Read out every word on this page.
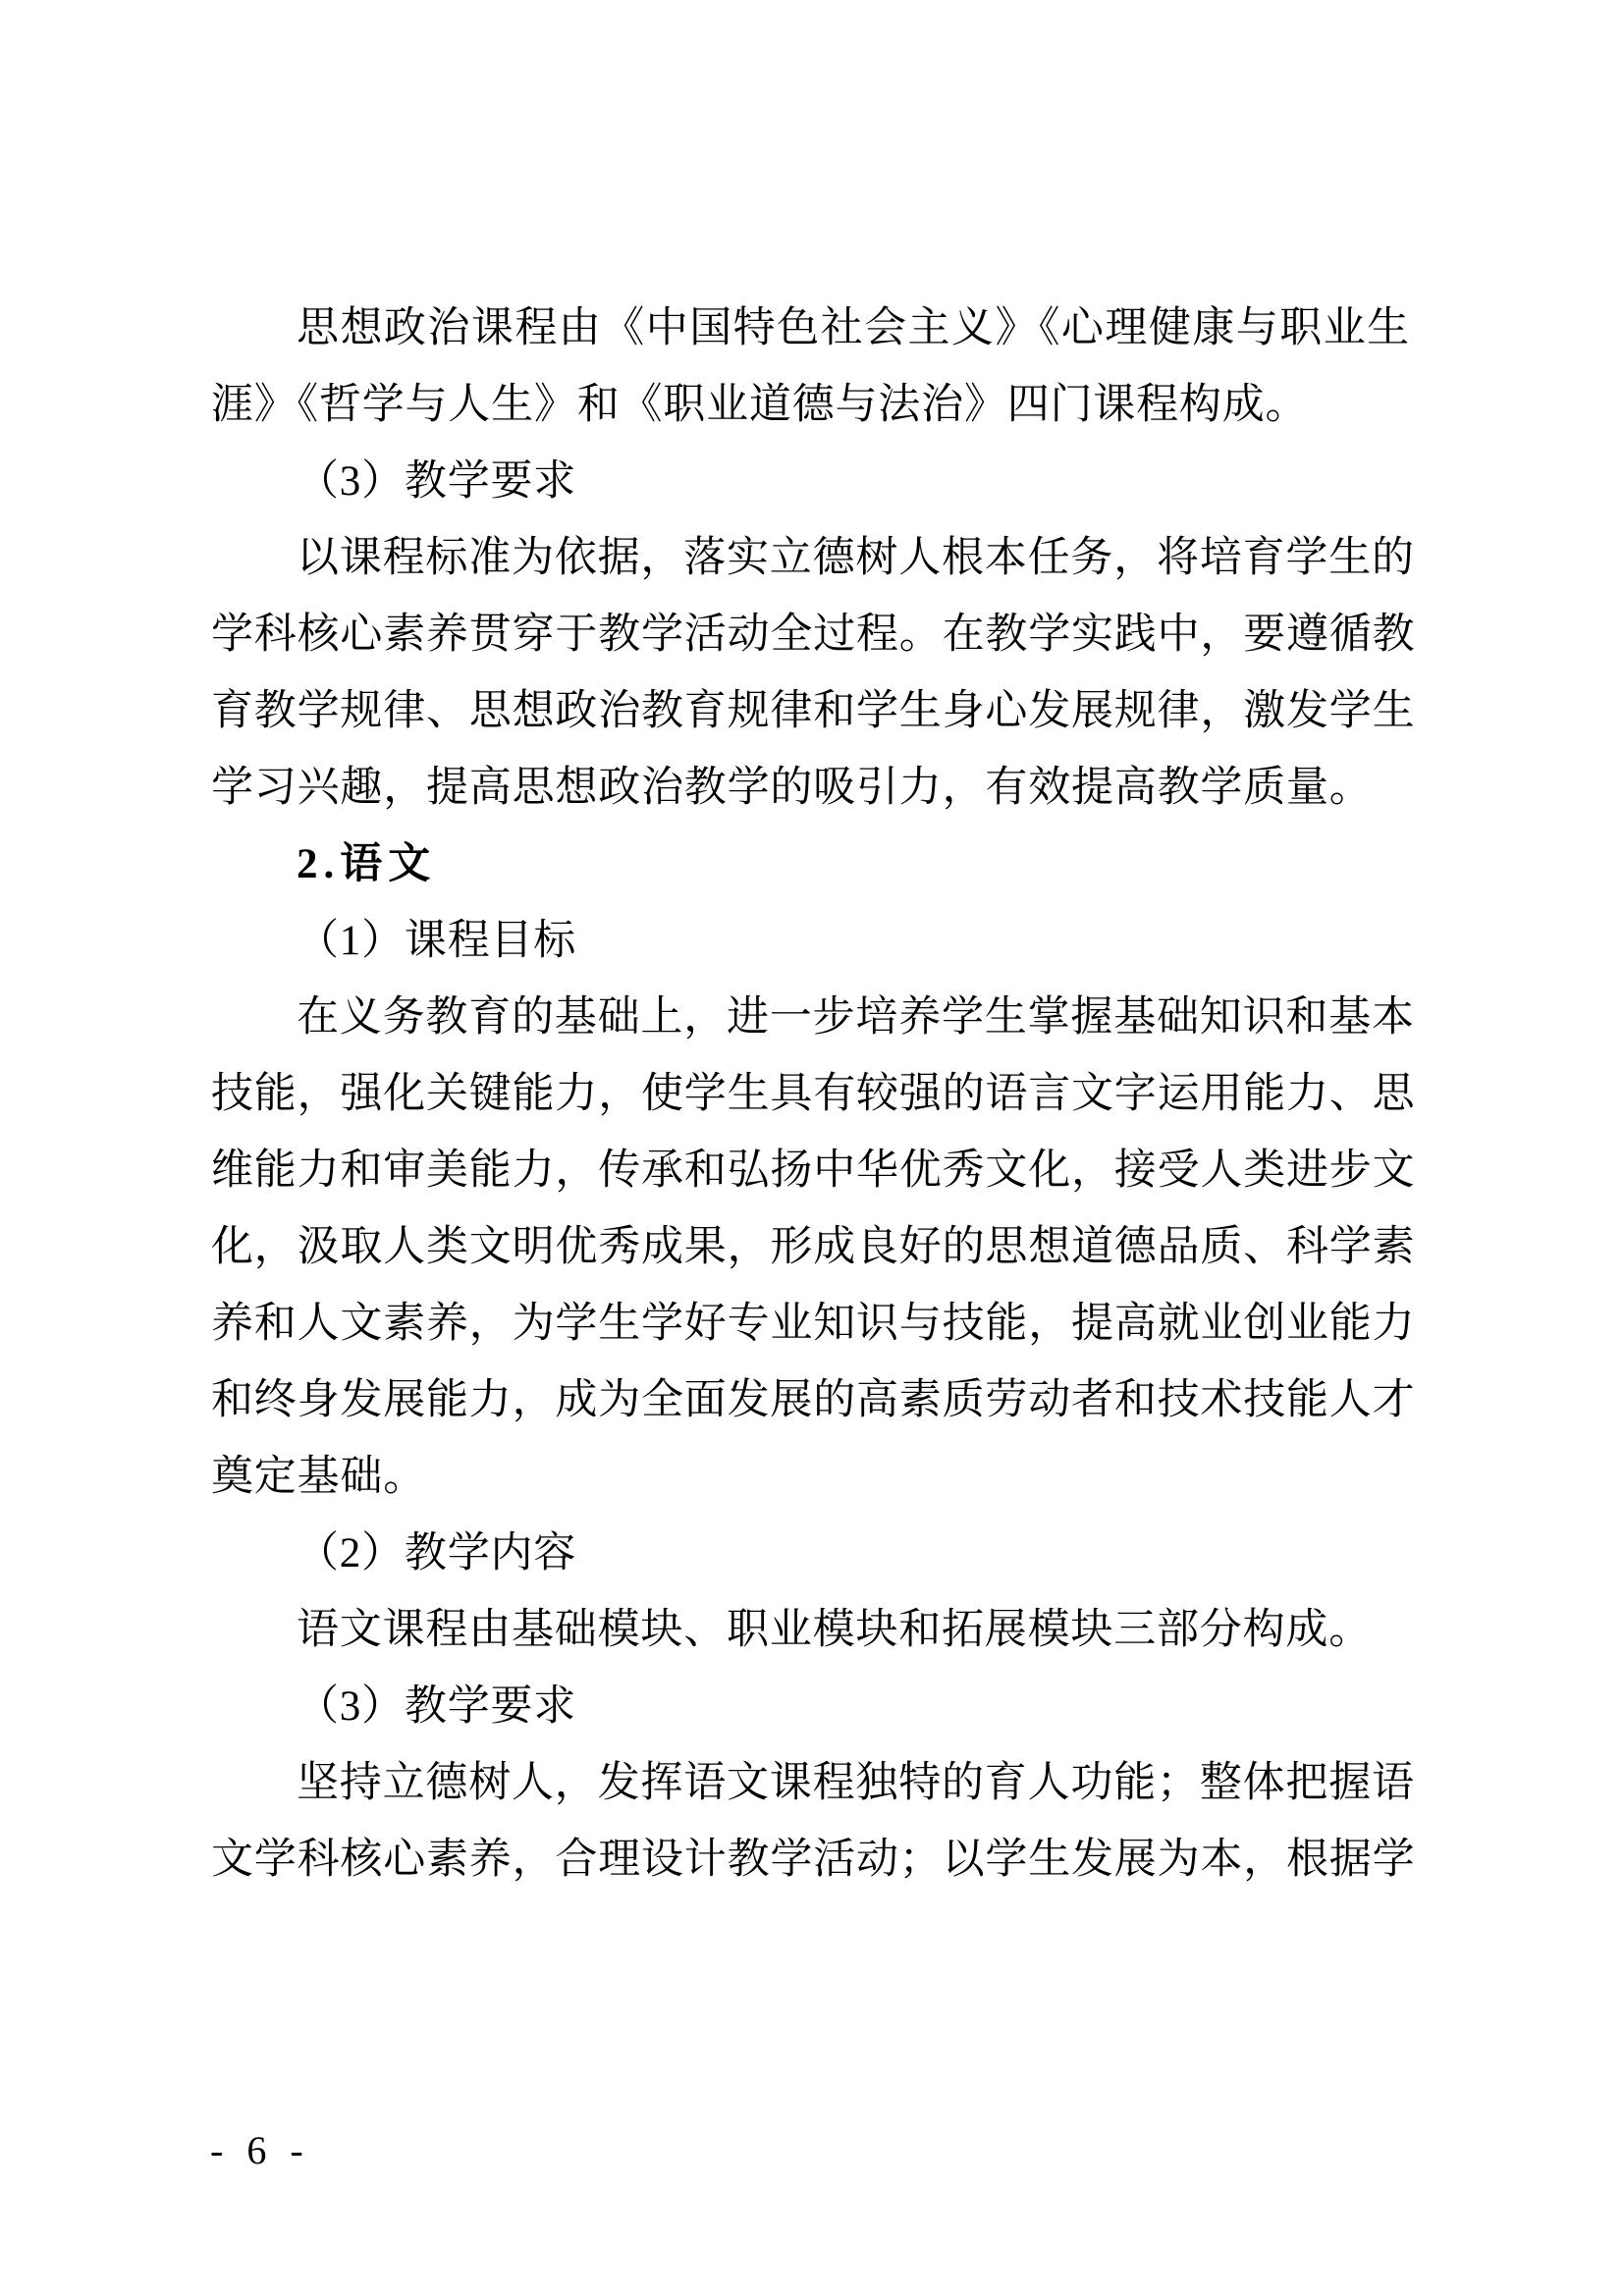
思想政治课程由《中国特色社会主义》《心理健康与职业生
涯》《哲学与人生》和《职业道德与法治》四门课程构成。
（3）教学要求
以课程标准为依据，落实立德树人根本任务，将培育学生的
学科核心素养贯穿于教学活动全过程。在教学实践中，要遵循教
育教学规律、思想政治教育规律和学生身心发展规律，激发学生
学习兴趣，提高思想政治教学的吸引力，有效提高教学质量。
2.语文
（1）课程目标
在义务教育的基础上，进一步培养学生掌握基础知识和基本
技能，强化关键能力，使学生具有较强的语言文字运用能力、思
维能力和审美能力，传承和弘扬中华优秀文化，接受人类进步文
化，汲取人类文明优秀成果，形成良好的思想道德品质、科学素
养和人文素养，为学生学好专业知识与技能，提高就业创业能力
和终身发展能力，成为全面发展的高素质劳动者和技术技能人才
奠定基础。
（2）教学内容
语文课程由基础模块、职业模块和拓展模块三部分构成。
（3）教学要求
坚持立德树人，发挥语文课程独特的育人功能；整体把握语
文学科核心素养，合理设计教学活动；以学生发展为本，根据学
- 6 -
